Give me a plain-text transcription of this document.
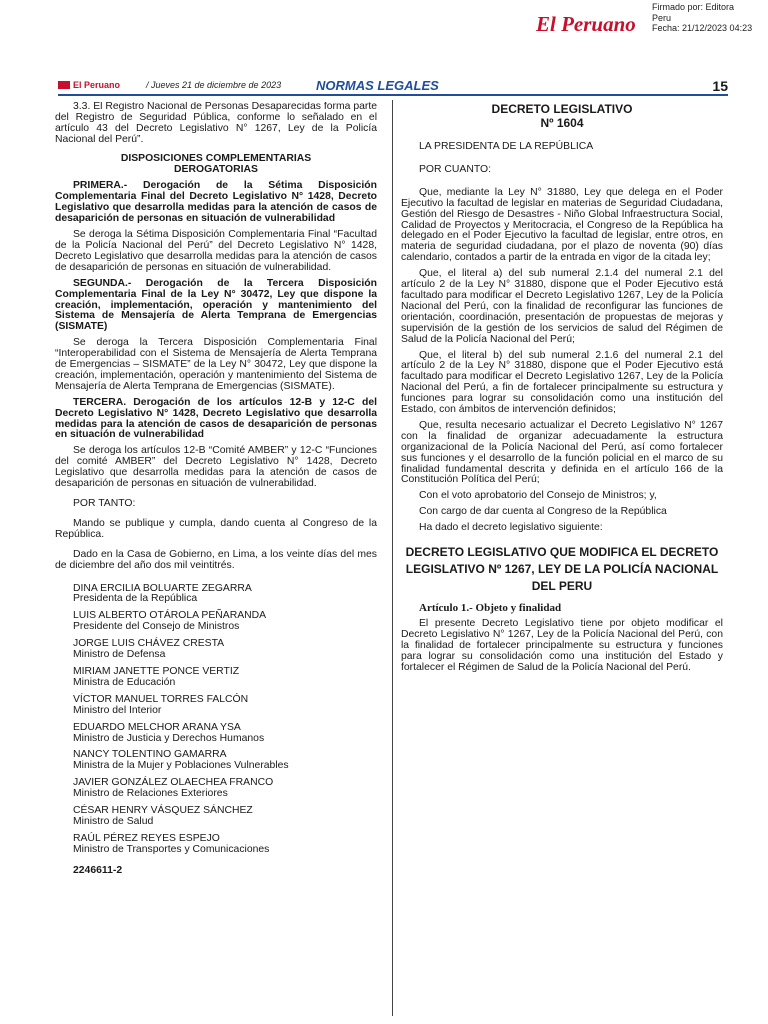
El Peruano
Firmado por: Editora
Peru
Fecha: 21/12/2023 04:23
El Peruano	/ Jueves 21 de diciembre de 2023	NORMAS LEGALES	15

3.3. El Registro Nacional de Personas Desaparecidas forma parte del Registro de Seguridad Pública, conforme lo señalado en el artículo 43 del Decreto Legislativo N° 1267, Ley de la Policía Nacional del Perú”.

DISPOSICIONES COMPLEMENTARIAS
DEROGATORIAS

PRIMERA.- Derogación de la Sétima Disposición Complementaria Final del Decreto Legislativo N° 1428, Decreto Legislativo que desarrolla medidas para la atención de casos de desaparición de personas en situación de vulnerabilidad

Se deroga la Sétima Disposición Complementaria Final “Facultad de la Policía Nacional del Perú” del Decreto Legislativo N° 1428, Decreto Legislativo que desarrolla medidas para la atención de casos de desaparición de personas en situación de vulnerabilidad.

SEGUNDA.- Derogación de la Tercera Disposición Complementaria Final de la Ley N° 30472, Ley que dispone la creación, implementación, operación y mantenimiento del Sistema de Mensajería de Alerta Temprana de Emergencias (SISMATE)

Se deroga la Tercera Disposición Complementaria Final “Interoperabilidad con el Sistema de Mensajería de Alerta Temprana de Emergencias – SISMATE” de la Ley N° 30472, Ley que dispone la creación, implementación, operación y mantenimiento del Sistema de Mensajería de Alerta Temprana de Emergencias (SISMATE).

TERCERA. Derogación de los artículos 12-B y 12-C del Decreto Legislativo N° 1428, Decreto Legislativo que desarrolla medidas para la atención de casos de desaparición de personas en situación de vulnerabilidad

Se deroga los artículos 12-B “Comité AMBER” y 12-C “Funciones del comité AMBER” del Decreto Legislativo N° 1428, Decreto Legislativo que desarrolla medidas para la atención de casos de desaparición de personas en situación de vulnerabilidad.

POR TANTO:

Mando se publique y cumpla, dando cuenta al Congreso de la República.

Dado en la Casa de Gobierno, en Lima, a los veinte días del mes de diciembre del año dos mil veintitrés.

DINA ERCILIA BOLUARTE ZEGARRA
Presidenta de la República
LUIS ALBERTO OTÁROLA PEÑARANDA
Presidente del Consejo de Ministros
JORGE LUIS CHÁVEZ CRESTA
Ministro de Defensa
MIRIAM JANETTE PONCE VERTIZ
Ministra de Educación
VÍCTOR MANUEL TORRES FALCÓN
Ministro del Interior
EDUARDO MELCHOR ARANA YSA
Ministro de Justicia y Derechos Humanos
NANCY TOLENTINO GAMARRA
Ministra de la Mujer y Poblaciones Vulnerables
JAVIER GONZÁLEZ OLAECHEA FRANCO
Ministro de Relaciones Exteriores
CÉSAR HENRY VÁSQUEZ SÁNCHEZ
Ministro de Salud
RAÚL PÉREZ REYES ESPEJO
Ministro de Transportes y Comunicaciones
2246611-2
DECRETO LEGISLATIVO
Nº 1604

LA PRESIDENTA DE LA REPÚBLICA

POR CUANTO:

Que, mediante la Ley N° 31880, Ley que delega en el Poder Ejecutivo la facultad de legislar en materias de Seguridad Ciudadana, Gestión del Riesgo de Desastres - Niño Global Infraestructura Social, Calidad de Proyectos y Meritocracia, el Congreso de la República ha delegado en el Poder Ejecutivo la facultad de legislar, entre otros, en materia de seguridad ciudadana, por el plazo de noventa (90) días calendario, contados a partir de la entrada en vigor de la citada ley;

Que, el literal a) del sub numeral 2.1.4 del numeral 2.1 del artículo 2 de la Ley N° 31880, dispone que el Poder Ejecutivo está facultado para modificar el Decreto Legislativo 1267, Ley de la Policía Nacional del Perú, con la finalidad de reconfigurar las funciones de orientación, coordinación, presentación de propuestas de mejoras y supervisión de la gestión de los servicios de salud del Régimen de Salud de la Policía Nacional del Perú;

Que, el literal b) del sub numeral 2.1.6 del numeral 2.1 del artículo 2 de la Ley N° 31880, dispone que el Poder Ejecutivo está facultado para modificar el Decreto Legislativo 1267, Ley de la Policía Nacional del Perú, a fin de fortalecer principalmente su estructura y funciones para lograr su consolidación como una institución del Estado, con ámbitos de intervención definidos;

Que, resulta necesario actualizar el Decreto Legislativo N° 1267 con la finalidad de organizar adecuadamente la estructura organizacional de la Policía Nacional del Perú, así como fortalecer sus funciones y el desarrollo de la función policial en el marco de su finalidad fundamental descrita y definida en el artículo 166 de la Constitución Política del Perú;

Con el voto aprobatorio del Consejo de Ministros; y,

Con cargo de dar cuenta al Congreso de la República

Ha dado el decreto legislativo siguiente:

DECRETO LEGISLATIVO QUE MODIFICA EL DECRETO LEGISLATIVO Nº 1267, LEY DE LA POLICÍA NACIONAL DEL PERU

Artículo 1.- Objeto y finalidad

El presente Decreto Legislativo tiene por objeto modificar el Decreto Legislativo N° 1267, Ley de la Policía Nacional del Perú, con la finalidad de fortalecer principalmente su estructura y funciones para lograr su consolidación como una institución del Estado y fortalecer el Régimen de Salud de la Policía Nacional del Perú.
